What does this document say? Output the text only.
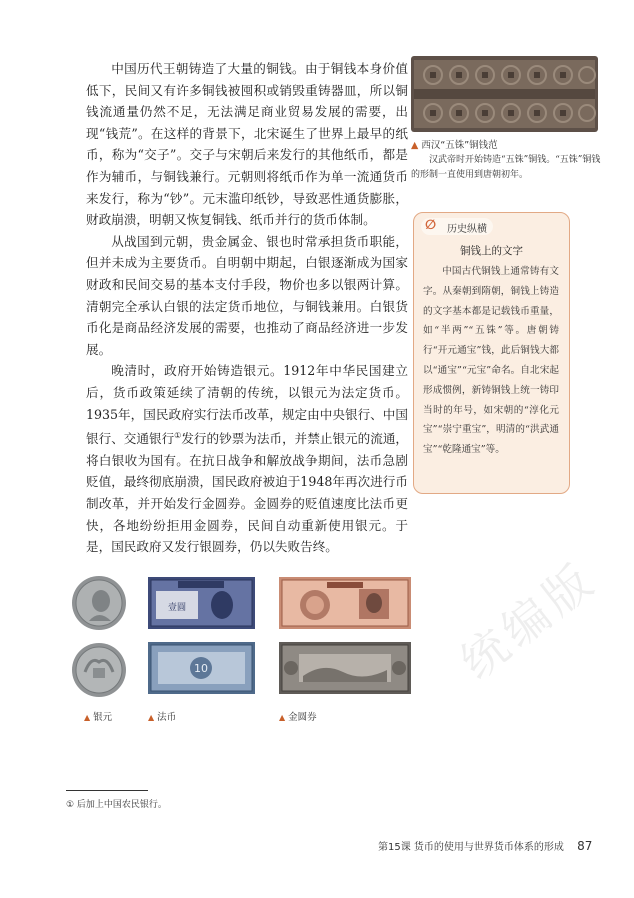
中国历代王朝铸造了大量的铜钱。由于铜钱本身价值低下，民间又有许多铜钱被囤积或销毁重铸器皿，所以铜钱流通量仍然不足，无法满足商业贸易发展的需要，出现“钱荒”。在这样的背景下，北宋诞生了世界上最早的纸币，称为“交子”。交子与宋朝后来发行的其他纸币，都是作为辅币，与铜钱兼行。元朝则将纸币作为单一流通货币来发行，称为“钞”。元末滥印纸钞，导致恶性通货膨胀，财政崩溃，明朝又恢复铜钱、纸币并行的货币体制。

从战国到元朝，贵金属金、银也时常承担货币职能，但并未成为主要货币。自明朝中期起，白银逐渐成为国家财政和民间交易的基本支付手段，物价也多以银两计算。清朝完全承认白银的法定货币地位，与铜钱兼用。白银货币化是商品经济发展的需要，也推动了商品经济进一步发展。

晚清时，政府开始铸造银元。1912年中华民国建立后，货币政策延续了清朝的传统，以银元为法定货币。1935年，国民政府实行法币改革，规定由中央银行、中国银行、交通银行①发行的钞票为法币，并禁止银元的流通，将白银收为国有。在抗日战争和解放战争期间，法币急剧贬值，最终彻底崩溃，国民政府被迫于1948年再次进行币制改革，并开始发行金圆券。金圆券的贬值速度比法币更快，各地纷纷拒用金圆券，民间自动重新使用银元。于是，国民政府又发行银圆券，仍以失败告终。

▲ 西汉“五铢”铜钱范
汉武帝时开始铸造“五铢”铜钱。“五铢”铜钱的形制一直使用到唐朝初年。
∅ 历史纵横
铜钱上的文字
中国古代铜钱上通常铸有文字。从秦朝到隋朝，铜钱上铸造的文字基本都是记载钱币重量，如“半两”“五铢”等。唐朝铸行“开元通宝”钱，此后铜钱大都以“通宝”“元宝”命名。自北宋起形成惯例，新铸铜钱上统一铸印当时的年号，如宋朝的“淳化元宝”“崇宁重宝”，明清的“洪武通宝”“乾隆通宝”等。
壹圓
10
▲ 银元	▲ 法币	▲ 金圆券
统编版
① 后加上中国农民银行。
第15课 货币的使用与世界货币体系的形成 87
